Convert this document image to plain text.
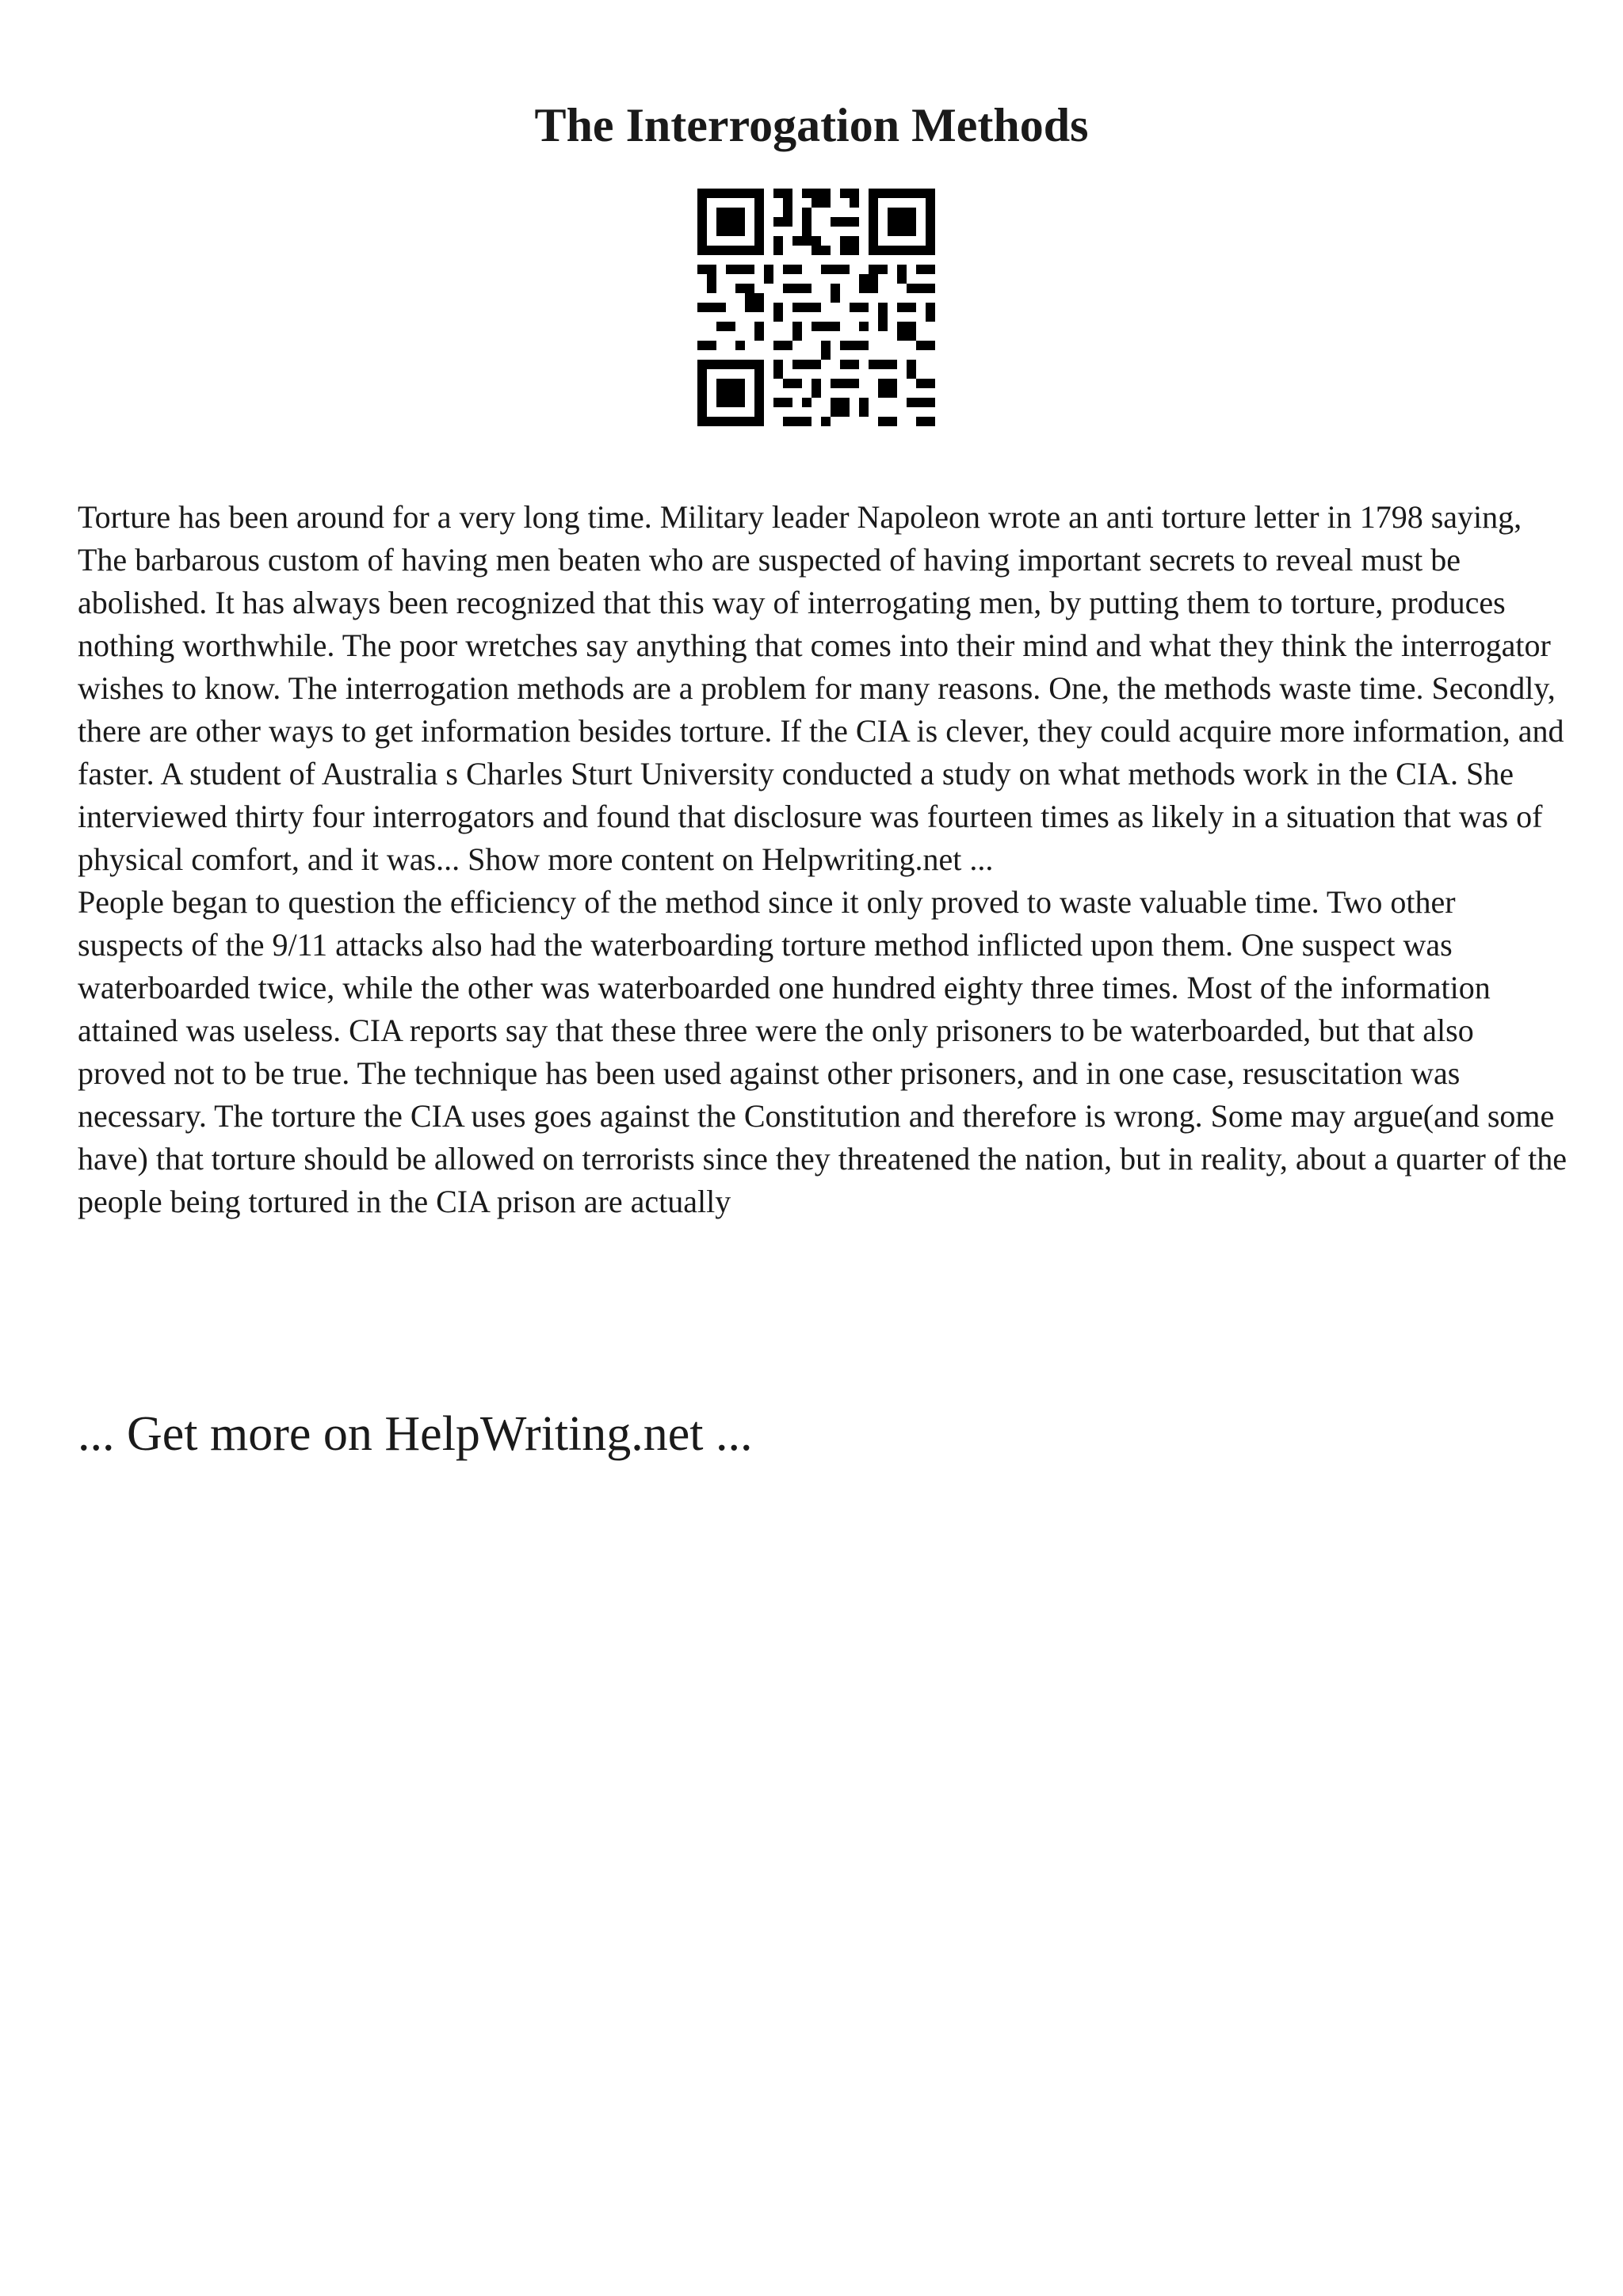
The Interrogation Methods

Torture has been around for a very long time. Military leader Napoleon wrote an anti torture letter in 1798 saying, The barbarous custom of having men beaten who are suspected of having important secrets to reveal must be abolished. It has always been recognized that this way of interrogating men, by putting them to torture, produces nothing worthwhile. The poor wretches say anything that comes into their mind and what they think the interrogator wishes to know. The interrogation methods are a problem for many reasons. One, the methods waste time. Secondly, there are other ways to get information besides torture. If the CIA is clever, they could acquire more information, and faster. A student of Australia s Charles Sturt University conducted a study on what methods work in the CIA. She interviewed thirty four interrogators and found that disclosure was fourteen times as likely in a situation that was of physical comfort, and it was... Show more content on Helpwriting.net ...

People began to question the efficiency of the method since it only proved to waste valuable time. Two other suspects of the 9/11 attacks also had the waterboarding torture method inflicted upon them. One suspect was waterboarded twice, while the other was waterboarded one hundred eighty three times. Most of the information attained was useless. CIA reports say that these three were the only prisoners to be waterboarded, but that also proved not to be true. The technique has been used against other prisoners, and in one case, resuscitation was necessary. The torture the CIA uses goes against the Constitution and therefore is wrong. Some may argue(and some have) that torture should be allowed on terrorists since they threatened the nation, but in reality, about a quarter of the people being tortured in the CIA prison are actually

... Get more on HelpWriting.net ...
